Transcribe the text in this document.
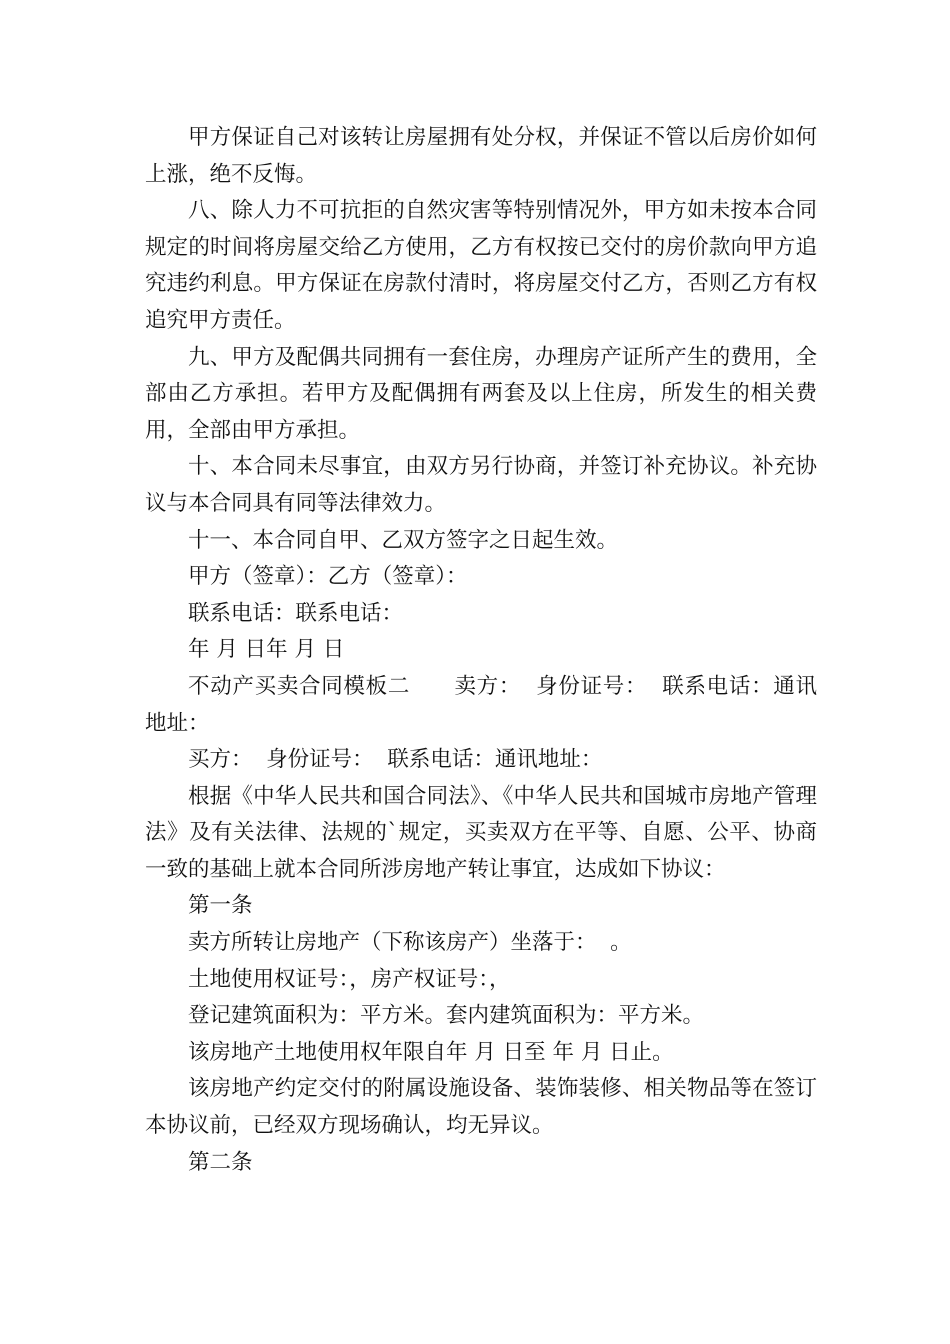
甲方保证自己对该转让房屋拥有处分权，并保证不管以后房价如何上涨，绝不反悔。

八、除人力不可抗拒的自然灾害等特别情况外，甲方如未按本合同规定的时间将房屋交给乙方使用，乙方有权按已交付的房价款向甲方追究违约利息。甲方保证在房款付清时，将房屋交付乙方，否则乙方有权追究甲方责任。

九、甲方及配偶共同拥有一套住房，办理房产证所产生的费用，全部由乙方承担。若甲方及配偶拥有两套及以上住房，所发生的相关费用，全部由甲方承担。

十、本合同未尽事宜，由双方另行协商，并签订补充协议。补充协议与本合同具有同等法律效力。

十一、本合同自甲、乙双方签字之日起生效。

甲方（签章）：乙方（签章）：

联系电话：联系电话：

年 月 日年 月 日

不动产买卖合同模板二　　卖方：  身份证号：  联系电话：通讯地址：

买方：  身份证号：  联系电话：通讯地址：

根据《中华人民共和国合同法》、《中华人民共和国城市房地产管理法》及有关法律、法规的`规定，买卖双方在平等、自愿、公平、协商一致的基础上就本合同所涉房地产转让事宜，达成如下协议：

第一条

卖方所转让房地产（下称该房产）坐落于：  。

土地使用权证号：，房产权证号：，

登记建筑面积为：平方米。套内建筑面积为：平方米。

该房地产土地使用权年限自年 月 日至 年 月 日止。

该房地产约定交付的附属设施设备、装饰装修、相关物品等在签订本协议前，已经双方现场确认，均无异议。

第二条
